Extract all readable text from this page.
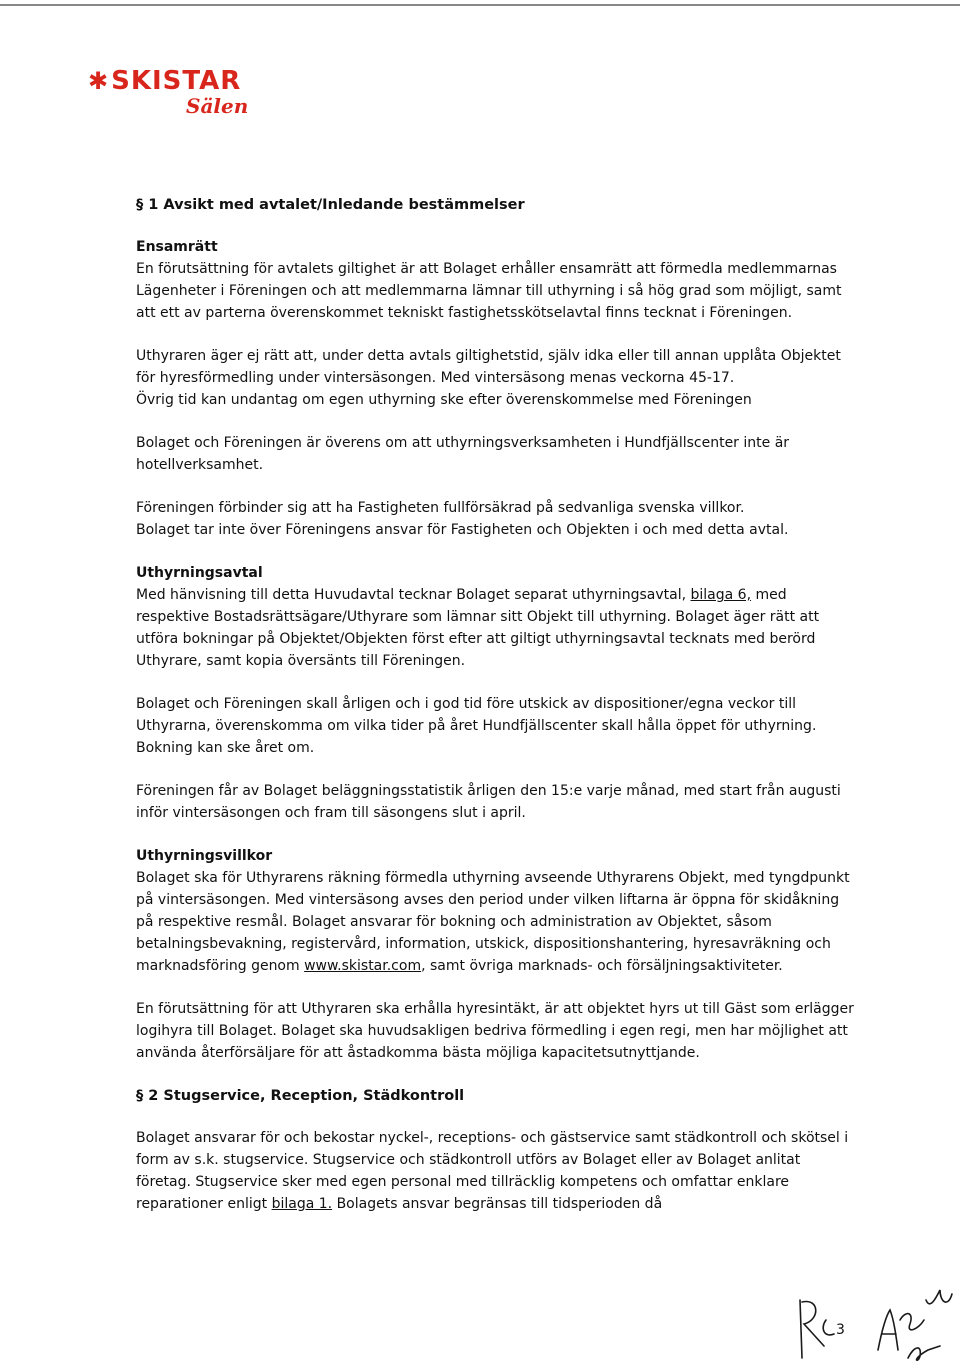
✱SKISTAR
Sälen
§ 1 Avsikt med avtalet/Inledande bestämmelser
Ensamrätt

En förutsättning för avtalets giltighet är att Bolaget erhåller ensamrätt att förmedla medlemmarnas Lägenheter i Föreningen och att medlemmarna lämnar till uthyrning i så hög grad som möjligt, samt att ett av parterna överenskommet tekniskt fastighetsskötselavtal finns tecknat i Föreningen.

Uthyraren äger ej rätt att, under detta avtals giltighetstid, själv idka eller till annan upplåta Objektet för hyresförmedling under vintersäsongen. Med vintersäsong menas veckorna 45-17.
Övrig tid kan undantag om egen uthyrning ske efter överenskommelse med Föreningen

Bolaget och Föreningen är överens om att uthyrningsverksamheten i Hundfjällscenter inte är hotellverksamhet.

Föreningen förbinder sig att ha Fastigheten fullförsäkrad på sedvanliga svenska villkor.
Bolaget tar inte över Föreningens ansvar för Fastigheten och Objekten i och med detta avtal.

Uthyrningsavtal

Med hänvisning till detta Huvudavtal tecknar Bolaget separat uthyrningsavtal, bilaga 6, med respektive Bostadsrättsägare/Uthyrare som lämnar sitt Objekt till uthyrning. Bolaget äger rätt att utföra bokningar på Objektet/Objekten först efter att giltigt uthyrningsavtal tecknats med berörd Uthyrare, samt kopia översänts till Föreningen.

Bolaget och Föreningen skall årligen och i god tid före utskick av dispositioner/egna veckor till Uthyrarna, överenskomma om vilka tider på året Hundfjällscenter skall hålla öppet för uthyrning. Bokning kan ske året om.

Föreningen får av Bolaget beläggningsstatistik årligen den 15:e varje månad, med start från augusti inför vintersäsongen och fram till säsongens slut i april.

Uthyrningsvillkor

Bolaget ska för Uthyrarens räkning förmedla uthyrning avseende Uthyrarens Objekt, med tyngdpunkt på vintersäsongen. Med vintersäsong avses den period under vilken liftarna är öppna för skidåkning på respektive resmål. Bolaget ansvarar för bokning och administration av Objektet, såsom betalningsbevakning, registervård, information, utskick, dispositionshantering, hyresavräkning och marknadsföring genom www.skistar.com, samt övriga marknads- och försäljningsaktiviteter.

En förutsättning för att Uthyraren ska erhålla hyresintäkt, är att objektet hyrs ut till Gäst som erlägger logihyra till Bolaget. Bolaget ska huvudsakligen bedriva förmedling i egen regi, men har möjlighet att använda återförsäljare för att åstadkomma bästa möjliga kapacitetsutnyttjande.

§ 2 Stugservice, Reception, Städkontroll

Bolaget ansvarar för och bekostar nyckel-, receptions- och gästservice samt städkontroll och skötsel i form av s.k. stugservice. Stugservice och städkontroll utförs av Bolaget eller av Bolaget anlitat företag. Stugservice sker med egen personal med tillräcklig kompetens och omfattar enklare reparationer enligt bilaga 1. Bolagets ansvar begränsas till tidsperioden då

3
